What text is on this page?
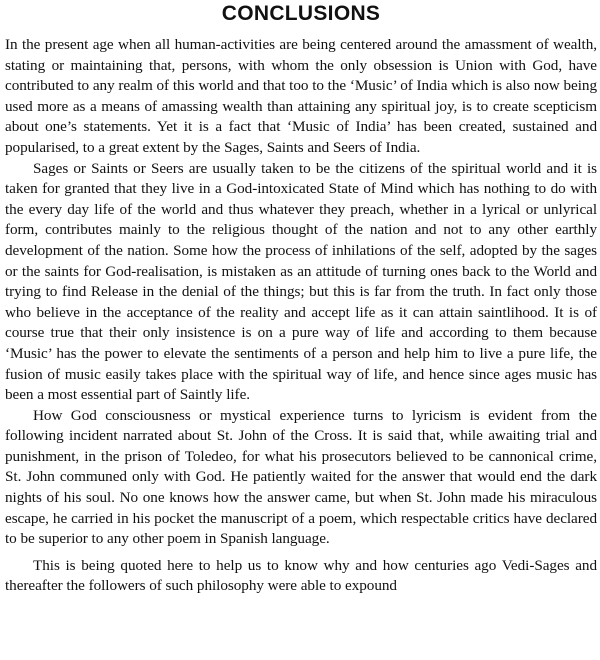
CONCLUSIONS

In the present age when all human-activities are being centered around the amassment of wealth, stating or maintaining that, persons, with whom the only obsession is Union with God, have contributed to any realm of this world and that too to the ‘Music’ of India which is also now being used more as a means of amassing wealth than attaining any spiritual joy, is to create scepticism about one’s statements. Yet it is a fact that ‘Music of India’ has been created, sustained and popularised, to a great extent by the Sages, Saints and Seers of India.

Sages or Saints or Seers are usually taken to be the citizens of the spiritual world and it is taken for granted that they live in a God-intoxicated State of Mind which has nothing to do with the every day life of the world and thus whatever they preach, whether in a lyrical or unlyrical form, contributes mainly to the religious thought of the nation and not to any other earthly development of the nation. Some how the process of inhilations of the self, adopted by the sages or the saints for God-realisation, is mistaken as an attitude of turning ones back to the World and trying to find Release in the denial of the things; but this is far from the truth. In fact only those who believe in the acceptance of the reality and accept life as it can attain saintlihood. It is of course true that their only insistence is on a pure way of life and according to them because ‘Music’ has the power to elevate the sentiments of a person and help him to live a pure life, the fusion of music easily takes place with the spiritual way of life, and hence since ages music has been a most essential part of Saintly life.

How God consciousness or mystical experience turns to lyricism is evident from the following incident narrated about St. John of the Cross. It is said that, while awaiting trial and punishment, in the prison of Toledeo, for what his prosecutors believed to be cannonical crime, St. John communed only with God. He patiently waited for the answer that would end the dark nights of his soul. No one knows how the answer came, but when St. John made his miraculous escape, he carried in his pocket the manuscript of a poem, which respectable critics have declared to be superior to any other poem in Spanish language.

This is being quoted here to help us to know why and how centuries ago Vedi-Sages and thereafter the followers of such philosophy were able to expound
